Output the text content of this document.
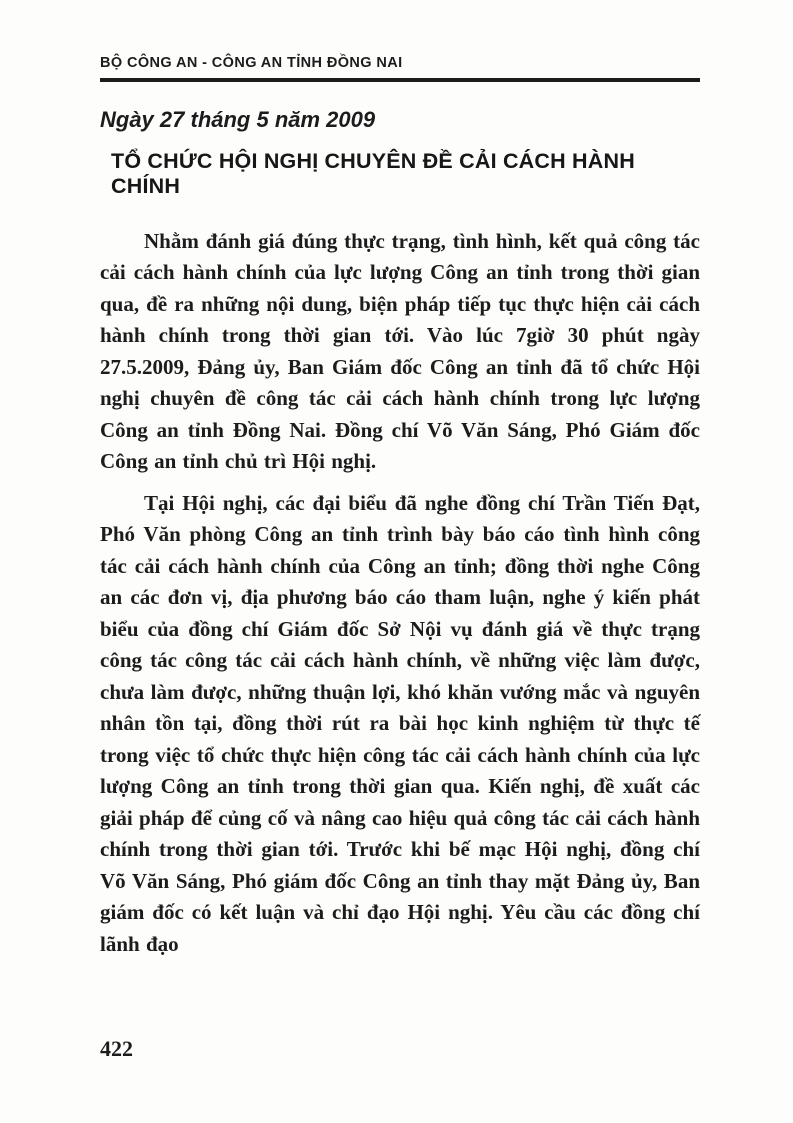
BỘ CÔNG AN - CÔNG AN TỈNH ĐỒNG NAI
Ngày 27 tháng 5 năm 2009
TỔ CHỨC HỘI NGHỊ CHUYÊN ĐỀ CẢI CÁCH HÀNH CHÍNH

Nhằm đánh giá đúng thực trạng, tình hình, kết quả công tác cải cách hành chính của lực lượng Công an tỉnh trong thời gian qua, đề ra những nội dung, biện pháp tiếp tục thực hiện cải cách hành chính trong thời gian tới. Vào lúc 7giờ 30 phút ngày 27.5.2009, Đảng ủy, Ban Giám đốc Công an tỉnh đã tổ chức Hội nghị chuyên đề công tác cải cách hành chính trong lực lượng Công an tỉnh Đồng Nai. Đồng chí Võ Văn Sáng, Phó Giám đốc Công an tỉnh chủ trì Hội nghị.

Tại Hội nghị, các đại biểu đã nghe đồng chí Trần Tiến Đạt, Phó Văn phòng Công an tỉnh trình bày báo cáo tình hình công tác cải cách hành chính của Công an tỉnh; đồng thời nghe Công an các đơn vị, địa phương báo cáo tham luận, nghe ý kiến phát biểu của đồng chí Giám đốc Sở Nội vụ đánh giá về thực trạng công tác công tác cải cách hành chính, về những việc làm được, chưa làm được, những thuận lợi, khó khăn vướng mắc và nguyên nhân tồn tại, đồng thời rút ra bài học kinh nghiệm từ thực tế trong việc tổ chức thực hiện công tác cải cách hành chính của lực lượng Công an tỉnh trong thời gian qua. Kiến nghị, đề xuất các giải pháp để củng cố và nâng cao hiệu quả công tác cải cách hành chính trong thời gian tới. Trước khi bế mạc Hội nghị, đồng chí Võ Văn Sáng, Phó giám đốc Công an tỉnh thay mặt Đảng ủy, Ban giám đốc có kết luận và chỉ đạo Hội nghị. Yêu cầu các đồng chí lãnh đạo

422
